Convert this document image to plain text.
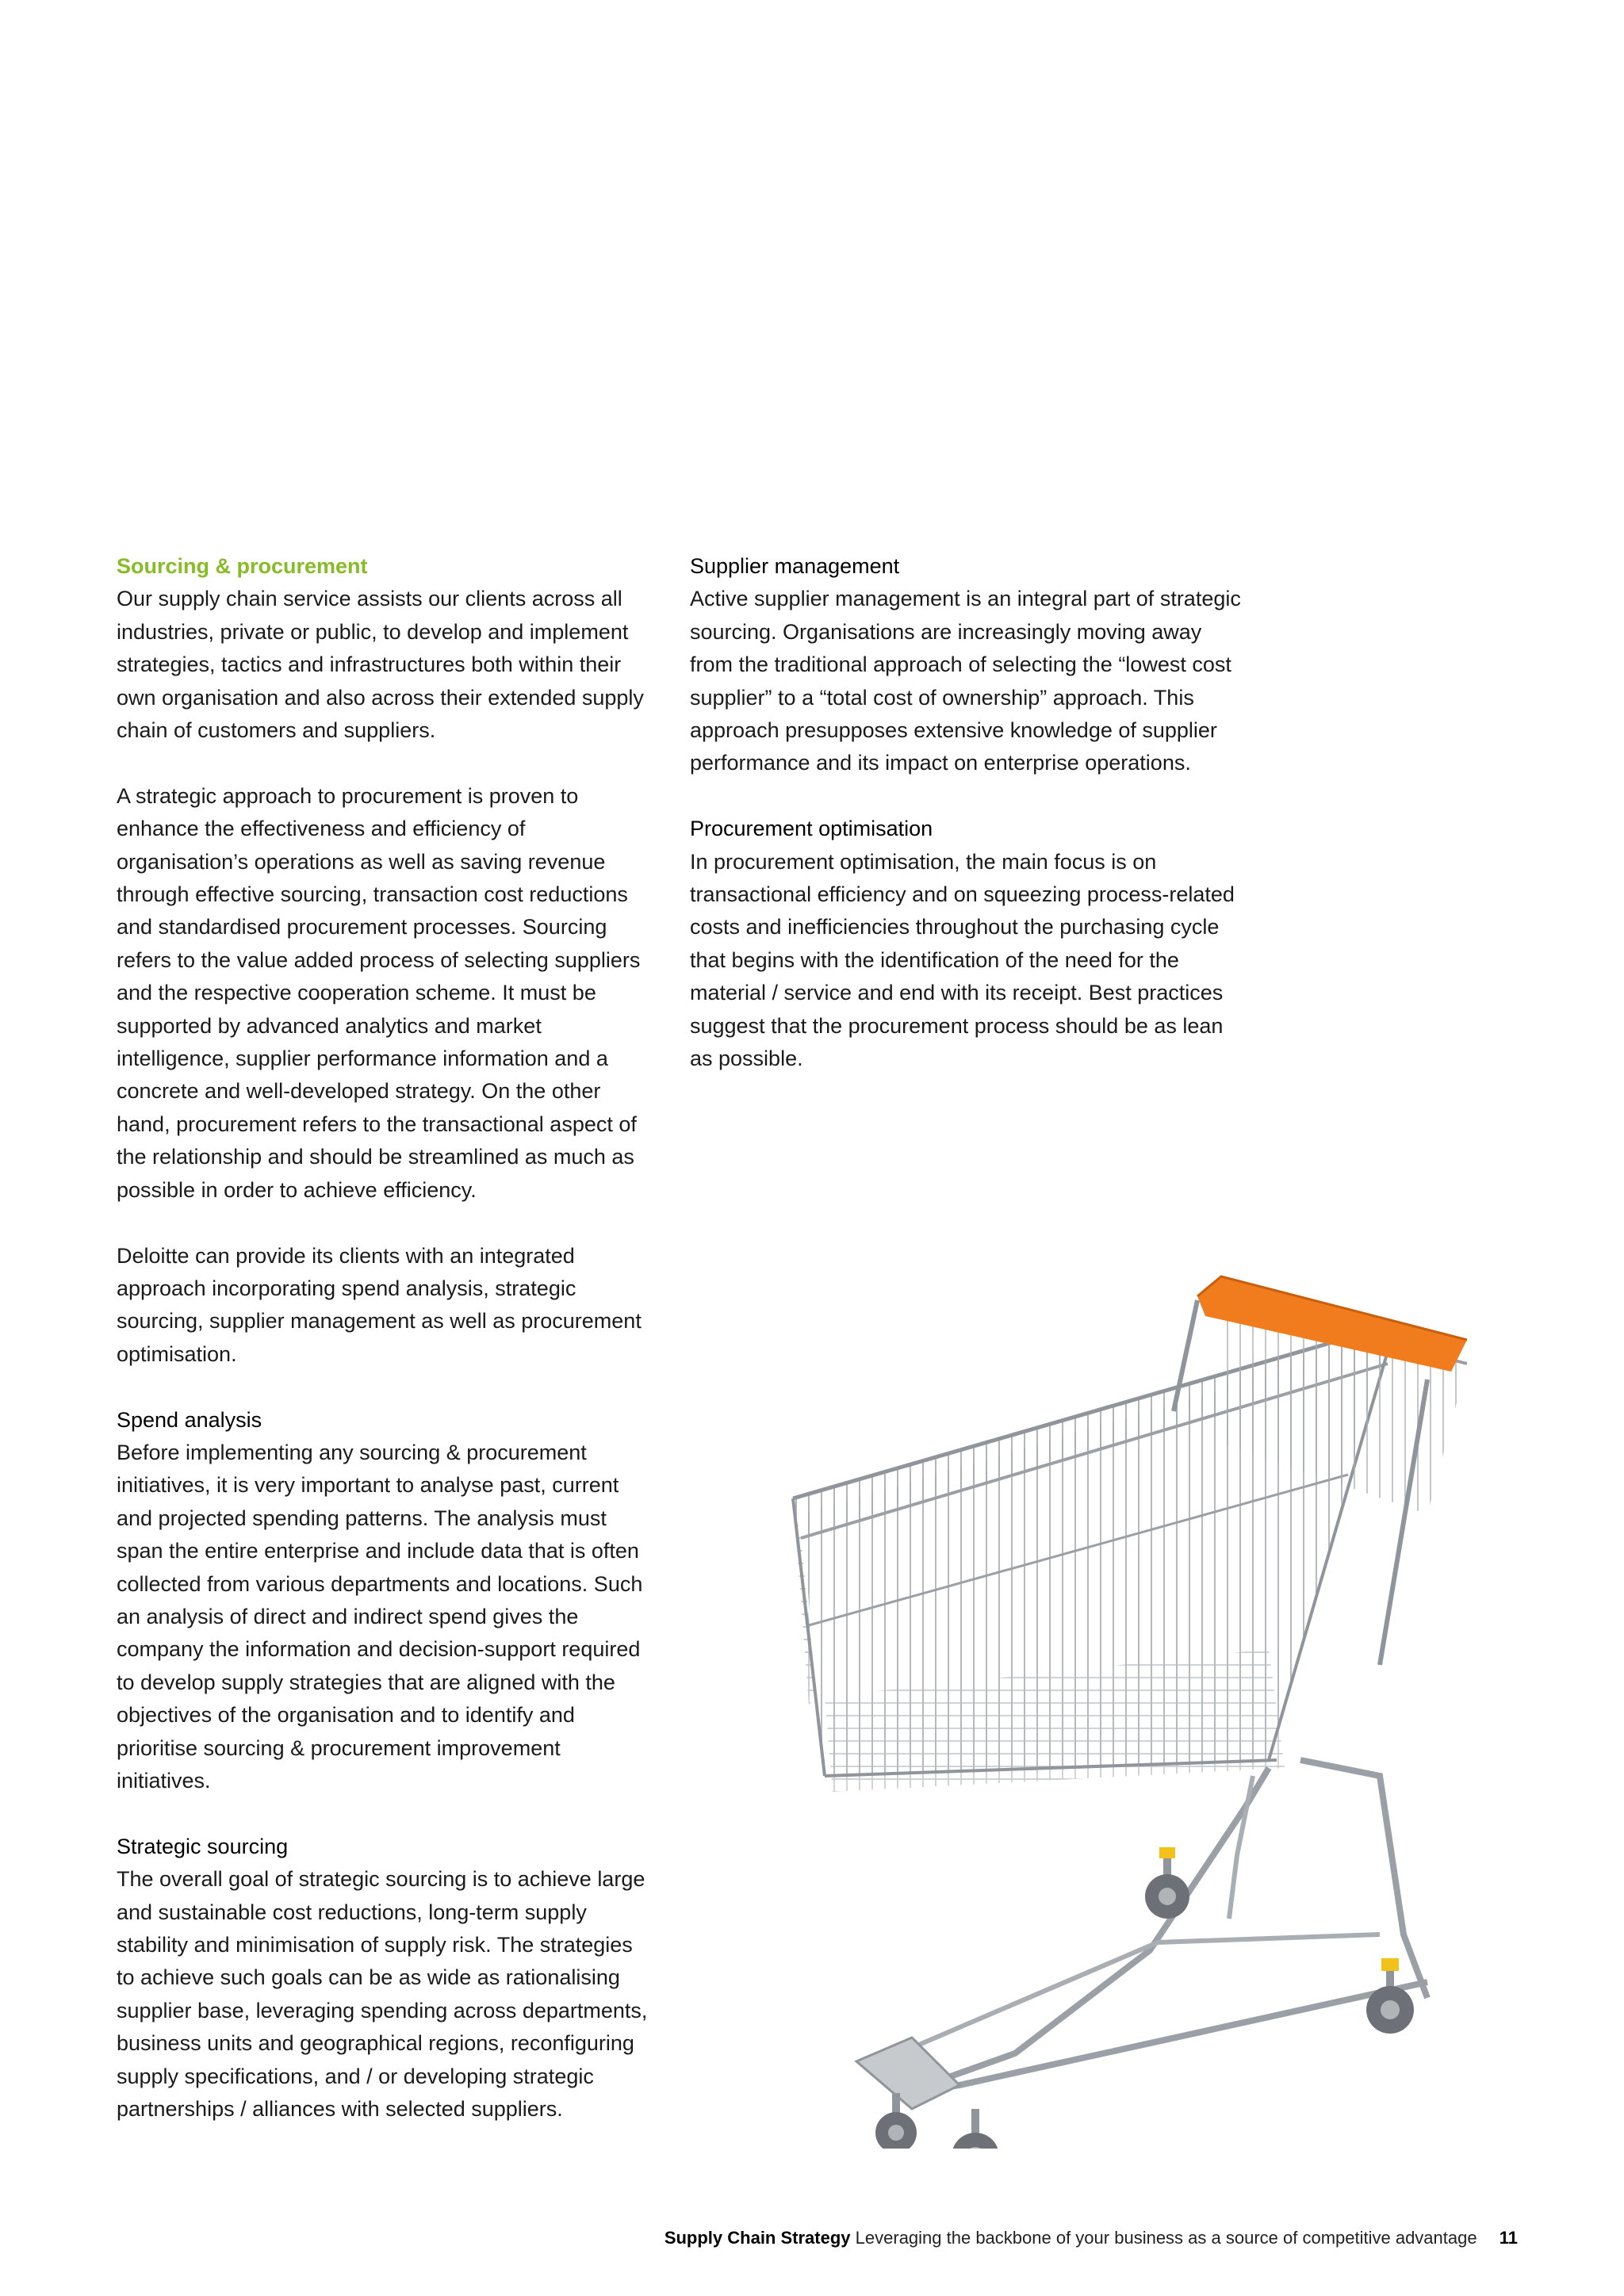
Sourcing & procurement

Our supply chain service assists our clients across all industries, private or public, to develop and implement strategies, tactics and infrastructures both within their own organisation and also across their extended supply chain of customers and suppliers.

A strategic approach to procurement is proven to enhance the effectiveness and efficiency of organisation’s operations as well as saving revenue through effective sourcing, transaction cost reductions and standardised procurement processes. Sourcing refers to the value added process of selecting suppliers and the respective cooperation scheme. It must be supported by advanced analytics and market intelligence, supplier performance information and a concrete and well-developed strategy. On the other hand, procurement refers to the transactional aspect of the relationship and should be streamlined as much as possible in order to achieve efficiency.

Deloitte can provide its clients with an integrated approach incorporating spend analysis, strategic sourcing, supplier management as well as procurement optimisation.

Spend analysis

Before implementing any sourcing & procurement initiatives, it is very important to analyse past, current and projected spending patterns. The analysis must span the entire enterprise and include data that is often collected from various departments and locations. Such an analysis of direct and indirect spend gives the company the information and decision-support required to develop supply strategies that are aligned with the objectives of the organisation and to identify and prioritise sourcing & procurement improvement initiatives.

Strategic sourcing

The overall goal of strategic sourcing is to achieve large and sustainable cost reductions, long-term supply stability and minimisation of supply risk. The strategies to achieve such goals can be as wide as rationalising supplier base, leveraging spending across departments, business units and geographical regions, reconfiguring supply specifications, and / or developing strategic partnerships / alliances with selected suppliers.

Supplier management

Active supplier management is an integral part of strategic sourcing. Organisations are increasingly moving away from the traditional approach of selecting the “lowest cost supplier” to a “total cost of ownership” approach. This approach presupposes extensive knowledge of supplier performance and its impact on enterprise operations.

Procurement optimisation

In procurement optimisation, the main focus is on transactional efficiency and on squeezing process-related costs and inefficiencies throughout the purchasing cycle that begins with the identification of the need for the material / service and end with its receipt. Best practices suggest that the procurement process should be as lean as possible.

Supply Chain Strategy Leveraging the backbone of your business as a source of competitive advantage 11
